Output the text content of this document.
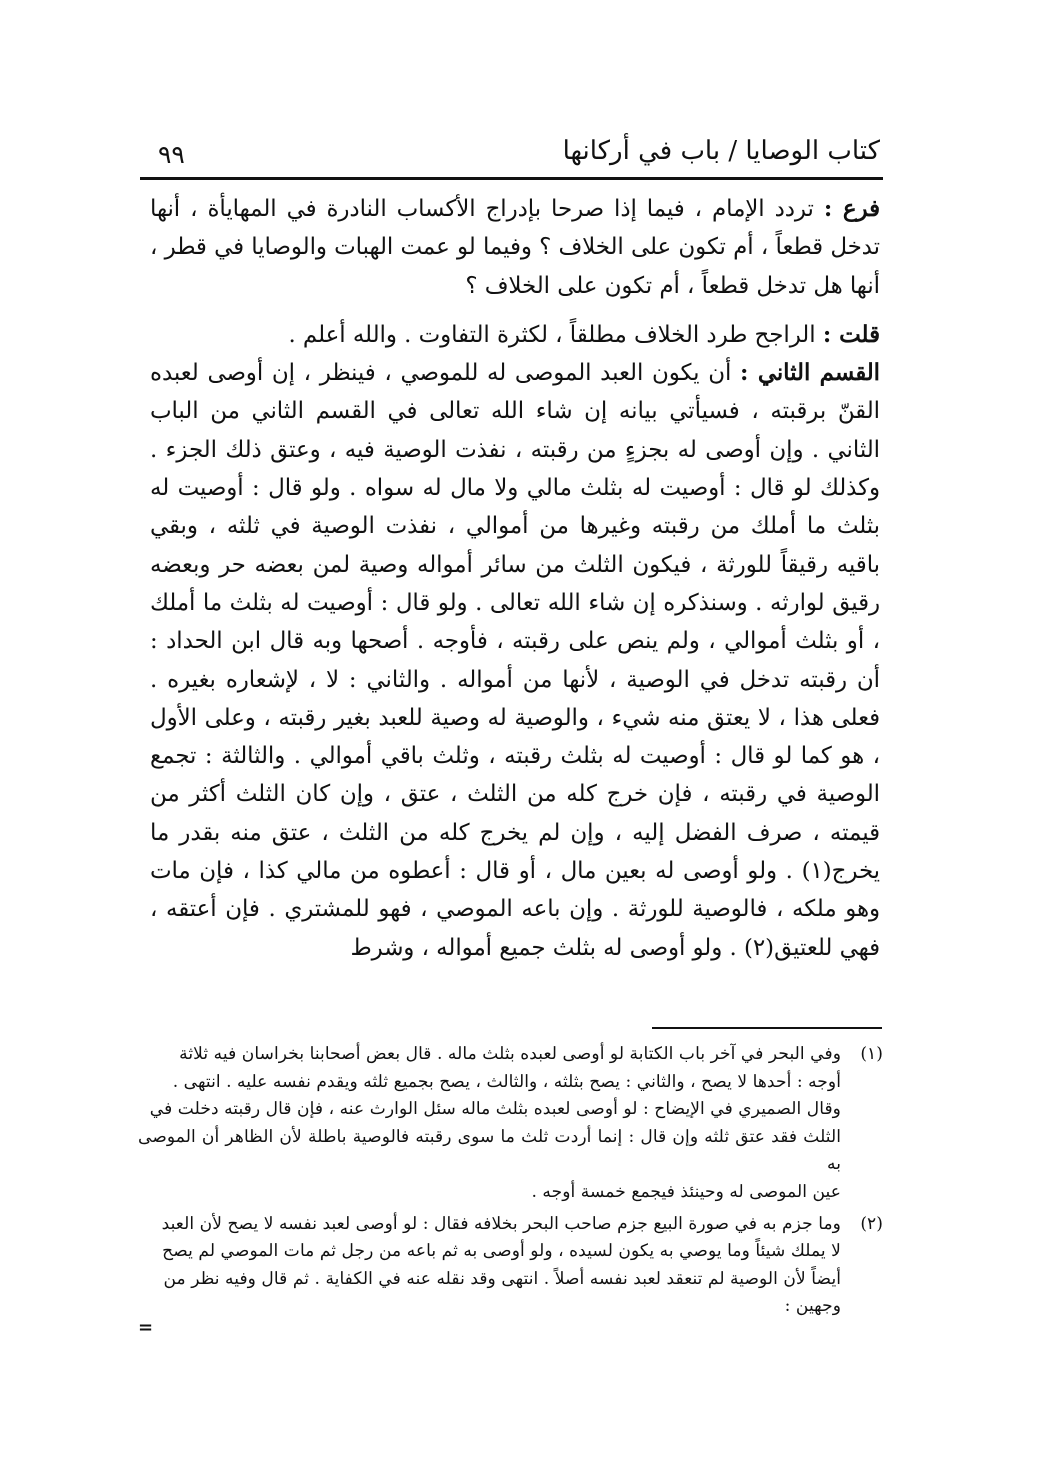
كتاب الوصايا / باب في أركانها
٩٩

فرع : تردد الإمام ، فيما إذا صرحا بإدراج الأكساب النادرة في المهايأة ، أنها تدخل قطعاً ، أم تكون على الخلاف ؟ وفيما لو عمت الهبات والوصايا في قطر ، أنها هل تدخل قطعاً ، أم تكون على الخلاف ؟

قلت : الراجح طرد الخلاف مطلقاً ، لكثرة التفاوت . والله أعلم .

القسم الثاني : أن يكون العبد الموصى له للموصي ، فينظر ، إن أوصى لعبده القنّ برقبته ، فسيأتي بيانه إن شاء الله تعالى في القسم الثاني من الباب الثاني . وإن أوصى له بجزءٍ من رقبته ، نفذت الوصية فيه ، وعتق ذلك الجزء . وكذلك لو قال : أوصيت له بثلث مالي ولا مال له سواه . ولو قال : أوصيت له بثلث ما أملك من رقبته وغيرها من أموالي ، نفذت الوصية في ثلثه ، وبقي باقيه رقيقاً للورثة ، فيكون الثلث من سائر أمواله وصية لمن بعضه حر وبعضه رقيق لوارثه . وسنذكره إن شاء الله تعالى . ولو قال : أوصيت له بثلث ما أملك ، أو بثلث أموالي ، ولم ينص على رقبته ، فأوجه . أصحها وبه قال ابن الحداد : أن رقبته تدخل في الوصية ، لأنها من أمواله . والثاني : لا ، لإشعاره بغيره . فعلى هذا ، لا يعتق منه شيء ، والوصية له وصية للعبد بغير رقبته ، وعلى الأول ، هو كما لو قال : أوصيت له بثلث رقبته ، وثلث باقي أموالي . والثالثة : تجمع الوصية في رقبته ، فإن خرج كله من الثلث ، عتق ، وإن كان الثلث أكثر من قيمته ، صرف الفضل إليه ، وإن لم يخرج كله من الثلث ، عتق منه بقدر ما يخرج(١) . ولو أوصى له بعين مال ، أو قال : أعطوه من مالي كذا ، فإن مات وهو ملكه ، فالوصية للورثة . وإن باعه الموصي ، فهو للمشتري . فإن أعتقه ، فهي للعتيق(٢) . ولو أوصى له بثلث جميع أمواله ، وشرط

(١)
وفي البحر في آخر باب الكتابة لو أوصى لعبده بثلث ماله . قال بعض أصحابنا بخراسان فيه ثلاثة
أوجه : أحدها لا يصح ، والثاني : يصح بثلثه ، والثالث ، يصح بجميع ثلثه ويقدم نفسه عليه . انتهى .
وقال الصميري في الإيضاح : لو أوصى لعبده بثلث ماله سئل الوارث عنه ، فإن قال رقبته دخلت في
الثلث فقد عتق ثلثه وإن قال : إنما أردت ثلث ما سوى رقبته فالوصية باطلة لأن الظاهر أن الموصى به
عين الموصى له وحينئذ فيجمع خمسة أوجه .
(٢)
وما جزم به في صورة البيع جزم صاحب البحر بخلافه فقال : لو أوصى لعبد نفسه لا يصح لأن العبد
لا يملك شيئاً وما يوصي به يكون لسيده ، ولو أوصى به ثم باعه من رجل ثم مات الموصي لم يصح
أيضاً لأن الوصية لم تنعقد لعبد نفسه أصلاً . انتهى وقد نقله عنه في الكفاية . ثم قال وفيه نظر من
وجهين :
=
